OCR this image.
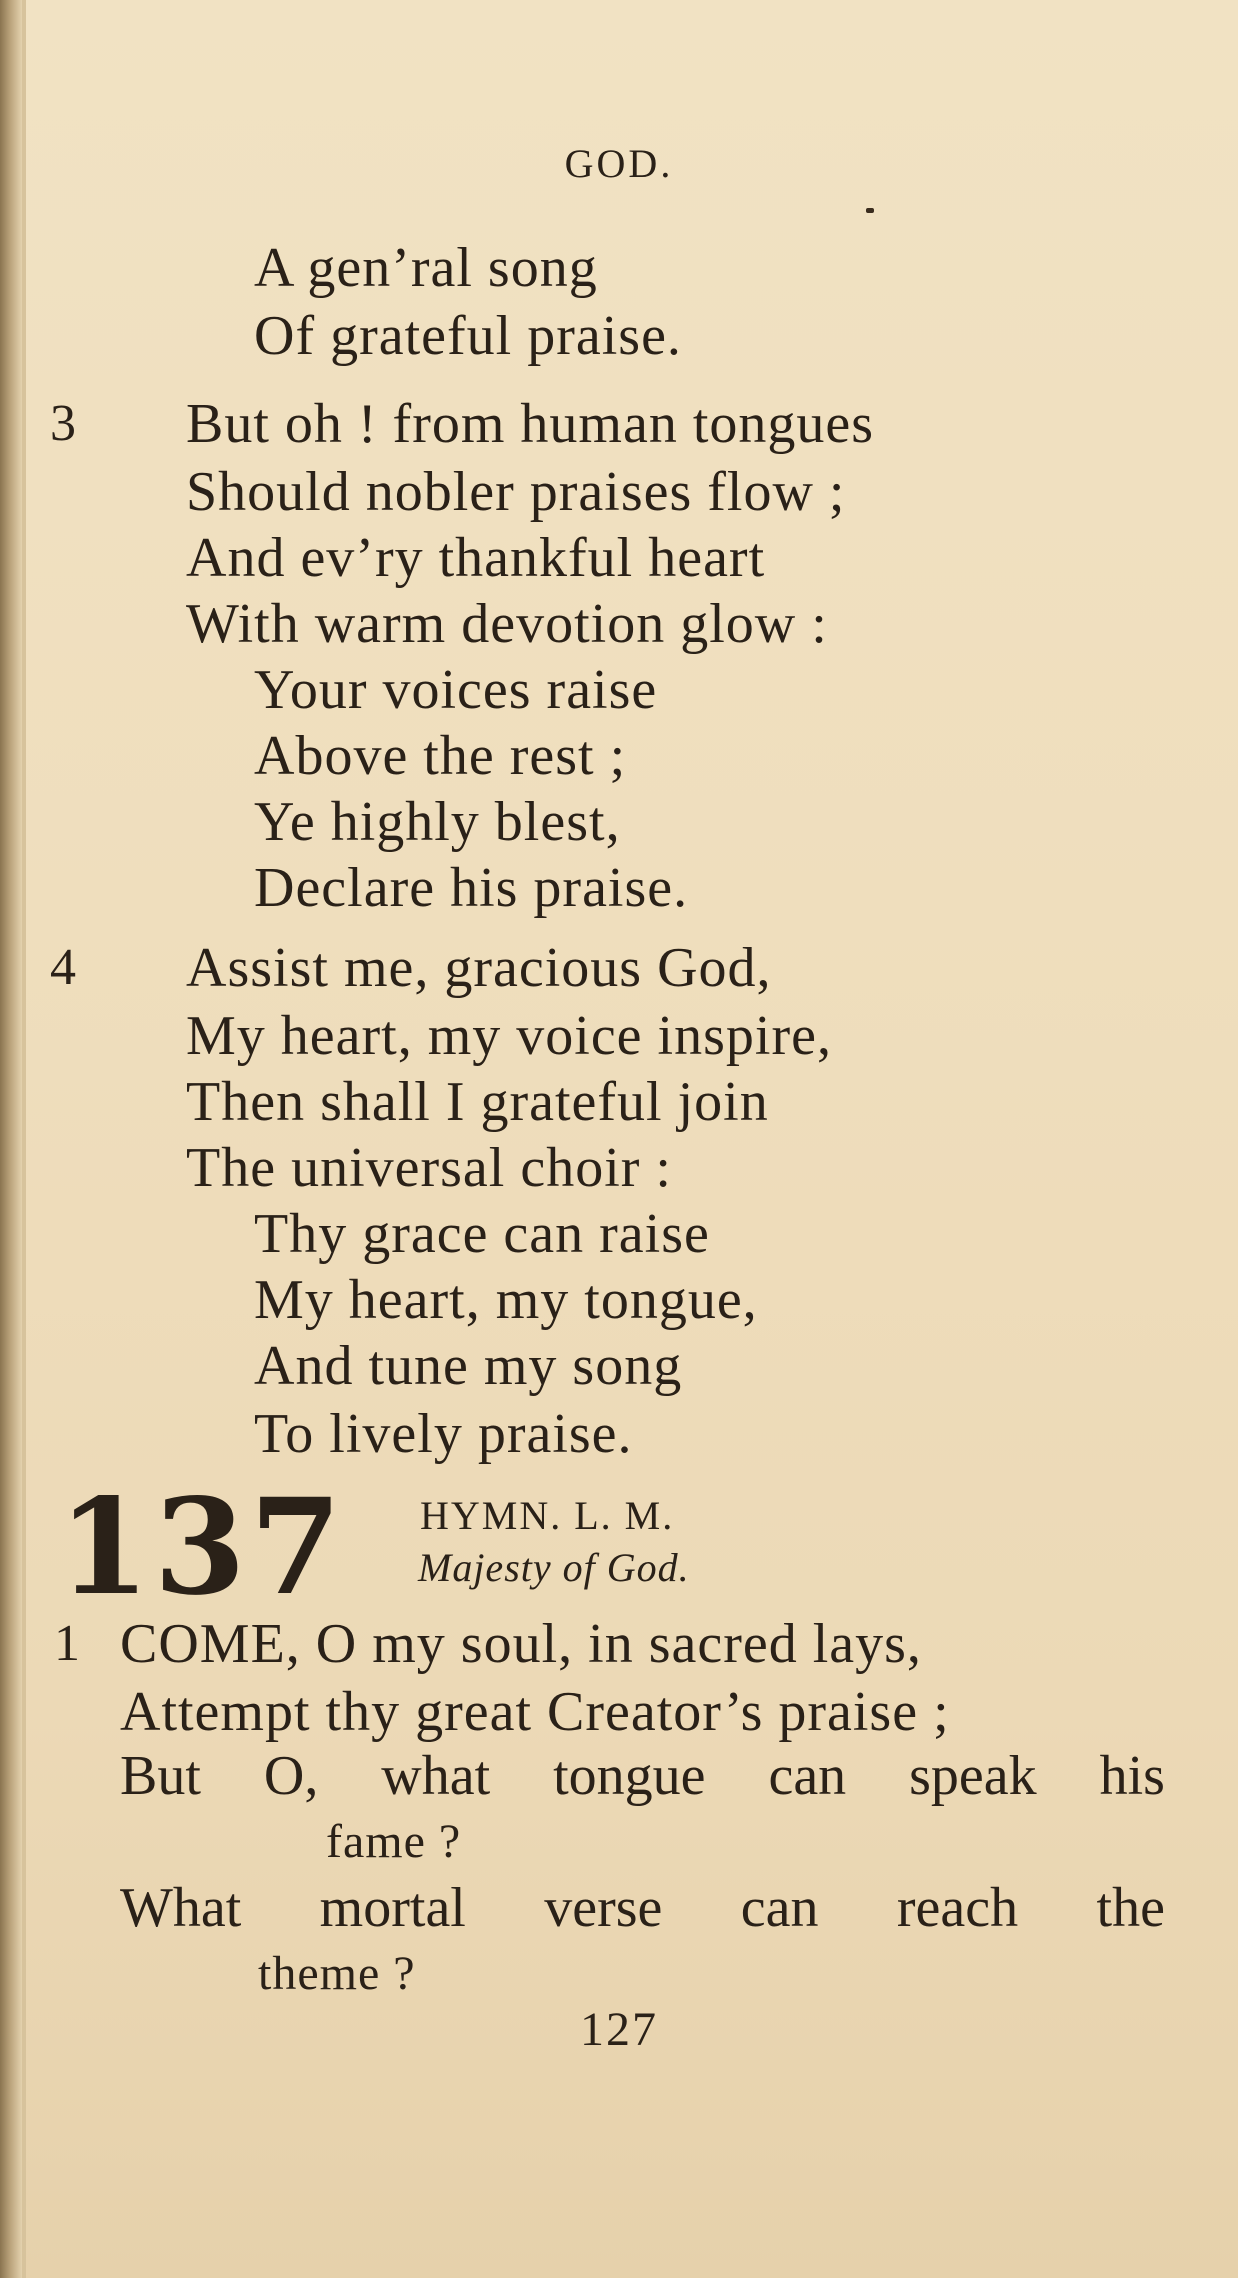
GOD.
A gen’ral song
Of grateful praise.
3 But oh ! from human tongues
Should nobler praises flow ;
And ev’ry thankful heart
With warm devotion glow :
Your voices raise
Above the rest ;
Ye highly blest,
Declare his praise.
4 Assist me, gracious God,
My heart, my voice inspire,
Then shall I grateful join
The universal choir :
Thy grace can raise
My heart, my tongue,
And tune my song
To lively praise.
137 HYMN. L. M.
Majesty of God.
1 COME, O my soul, in sacred lays,
Attempt thy great Creator’s praise ;
But O, what tongue can speak his
fame ?
What mortal verse can reach the
theme ?
127
